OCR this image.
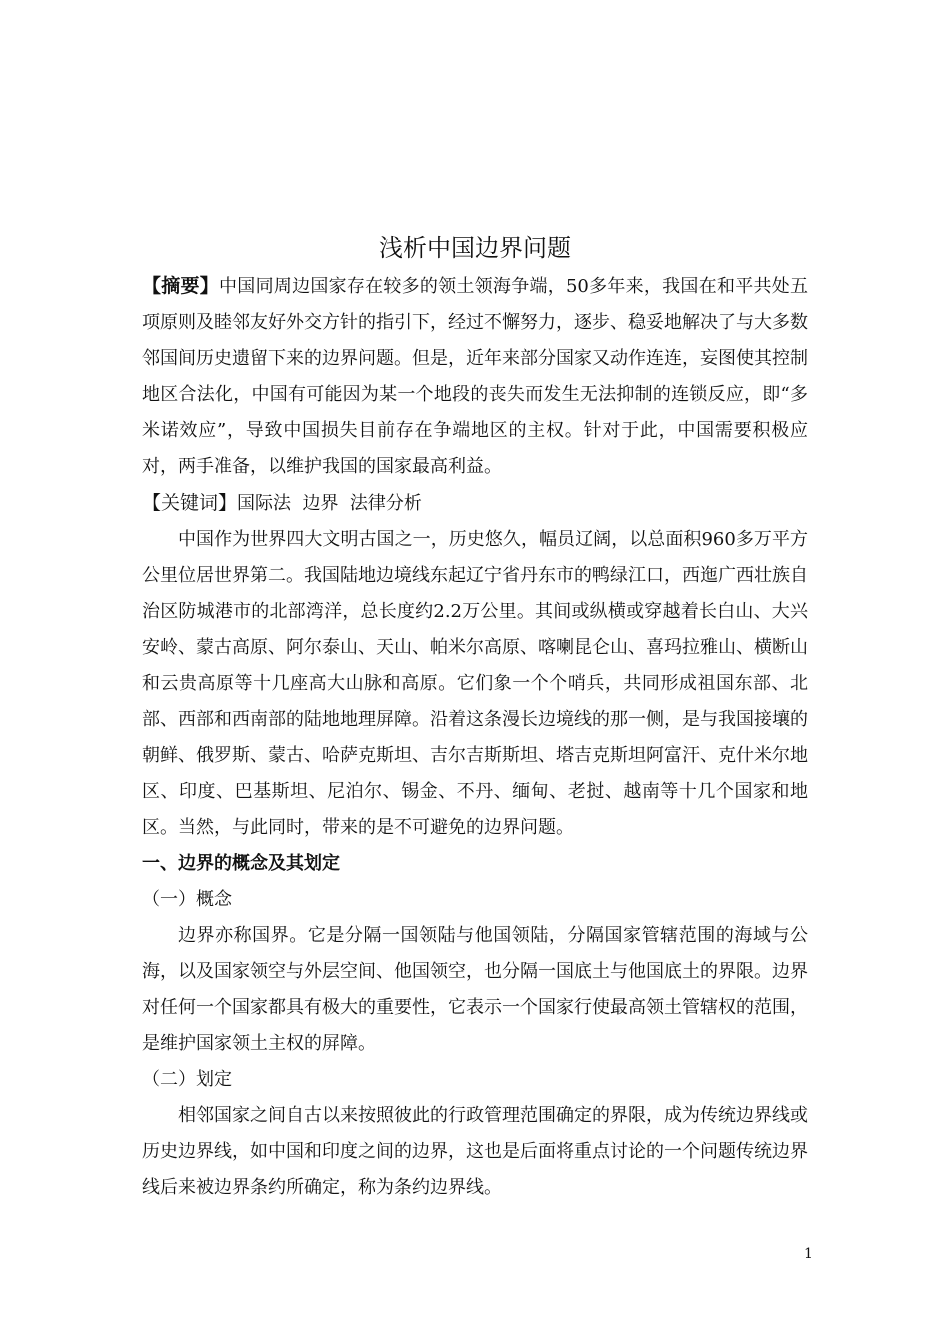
浅析中国边界问题

【摘要】中国同周边国家存在较多的领土领海争端，50多年来，我国在和平共处五项原则及睦邻友好外交方针的指引下，经过不懈努力，逐步、稳妥地解决了与大多数邻国间历史遗留下来的边界问题。但是，近年来部分国家又动作连连，妄图使其控制地区合法化，中国有可能因为某一个地段的丧失而发生无法抑制的连锁反应，即“多米诺效应”，导致中国损失目前存在争端地区的主权。针对于此，中国需要积极应对，两手准备，以维护我国的国家最高利益。

【关键词】国际法  边界  法律分析

中国作为世界四大文明古国之一，历史悠久，幅员辽阔，以总面积960多万平方公里位居世界第二。我国陆地边境线东起辽宁省丹东市的鸭绿江口，西迤广西壮族自治区防城港市的北部湾洋，总长度约2.2万公里。其间或纵横或穿越着长白山、大兴安岭、蒙古高原、阿尔泰山、天山、帕米尔高原、喀喇昆仑山、喜玛拉雅山、横断山和云贵高原等十几座高大山脉和高原。它们象一个个哨兵，共同形成祖国东部、北部、西部和西南部的陆地地理屏障。沿着这条漫长边境线的那一侧，是与我国接壤的朝鲜、俄罗斯、蒙古、哈萨克斯坦、吉尔吉斯斯坦、塔吉克斯坦阿富汗、克什米尔地区、印度、巴基斯坦、尼泊尔、锡金、不丹、缅甸、老挝、越南等十几个国家和地区。当然，与此同时，带来的是不可避免的边界问题。

一、边界的概念及其划定

（一）概念

边界亦称国界。它是分隔一国领陆与他国领陆，分隔国家管辖范围的海域与公海，以及国家领空与外层空间、他国领空，也分隔一国底土与他国底土的界限。边界对任何一个国家都具有极大的重要性，它表示一个国家行使最高领土管辖权的范围，是维护国家领土主权的屏障。

（二）划定

相邻国家之间自古以来按照彼此的行政管理范围确定的界限，成为传统边界线或历史边界线，如中国和印度之间的边界，这也是后面将重点讨论的一个问题传统边界线后来被边界条约所确定，称为条约边界线。

1
